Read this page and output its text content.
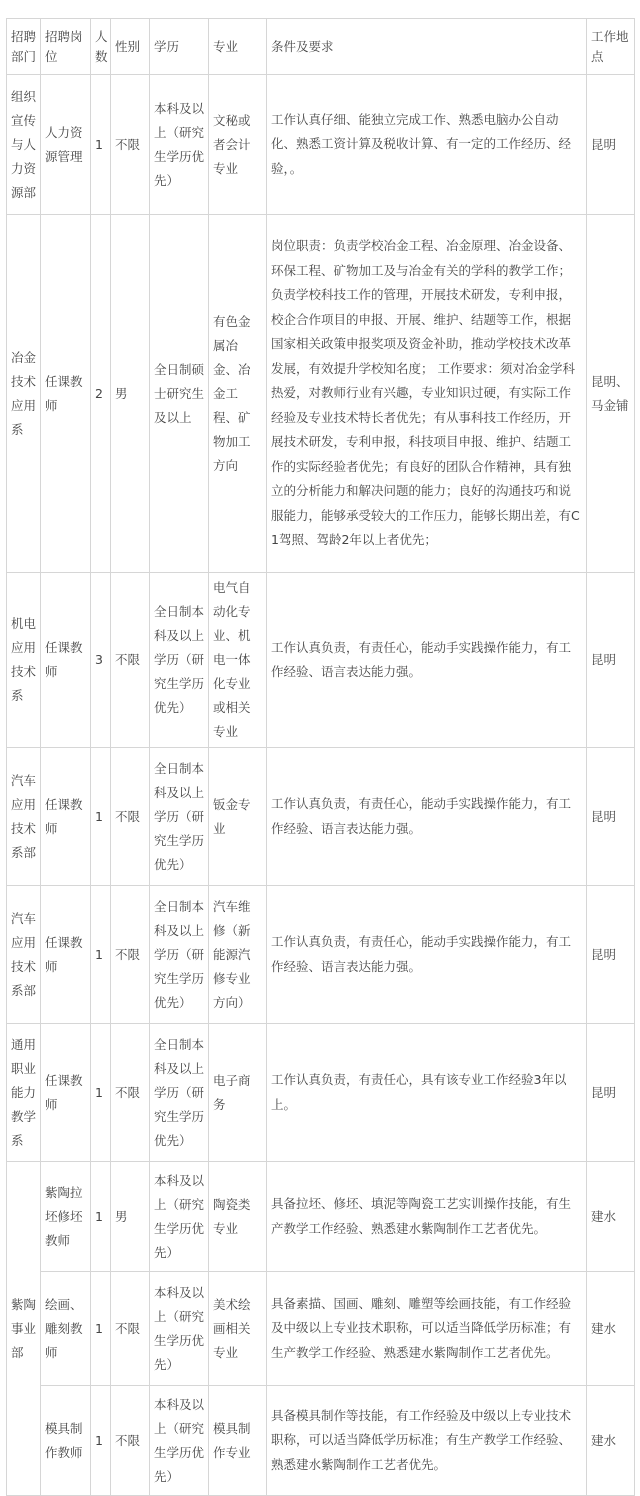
招聘部门	招聘岗位	人数	性别	学历	专业	条件及要求	工作地点
组织宣传与人力资源部	人力资源管理	1	不限	本科及以上（研究生学历优先）	文秘或者会计专业	工作认真仔细、能独立完成工作、熟悉电脑办公自动化、熟悉工资计算及税收计算、有一定的工作经历、经验，。	昆明
冶金技术应用系	任课教师	2	男	全日制硕士研究生及以上	有色金属冶金、冶金工程、矿物加工方向	岗位职责：负责学校冶金工程、冶金原理、冶金设备、环保工程、矿物加工及与冶金有关的学科的教学工作；负责学校科技工作的管理，开展技术研发，专利申报，校企合作项目的申报、开展、维护、结题等工作，根据国家相关政策申报奖项及资金补助，推动学校技术改革发展，有效提升学校知名度； 工作要求：须对冶金学科热爱，对教师行业有兴趣，专业知识过硬，有实际工作经验及专业技术特长者优先；有从事科技工作经历，开展技术研发，专利申报，科技项目申报、维护、结题工作的实际经验者优先；有良好的团队合作精神，具有独立的分析能力和解决问题的能力；良好的沟通技巧和说服能力，能够承受较大的工作压力，能够长期出差，有C1驾照、驾龄2年以上者优先；	昆明、马金铺
机电应用技术系	任课教师	3	不限	全日制本科及以上学历（研究生学历优先）	电气自动化专业、机电一体化专业或相关专业	工作认真负责，有责任心，能动手实践操作能力，有工作经验、语言表达能力强。	昆明
汽车应用技术系部	任课教师	1	不限	全日制本科及以上学历（研究生学历优先）	钣金专业	工作认真负责，有责任心，能动手实践操作能力，有工作经验、语言表达能力强。	昆明
汽车应用技术系部	任课教师	1	不限	全日制本科及以上学历（研究生学历优先）	汽车维修（新能源汽修专业方向）	工作认真负责，有责任心，能动手实践操作能力，有工作经验、语言表达能力强。	昆明
通用职业能力教学系	任课教师	1	不限	全日制本科及以上学历（研究生学历优先）	电子商务	工作认真负责，有责任心，具有该专业工作经验3年以上。	昆明
紫陶事业部	紫陶拉坯修坯教师	1	男	本科及以上（研究生学历优先）	陶瓷类专业	具备拉坯、修坯、填泥等陶瓷工艺实训操作技能，有生产教学工作经验、熟悉建水紫陶制作工艺者优先。	建水
	绘画、雕刻教师	1	不限	本科及以上（研究生学历优先）	美术绘画相关专业	具备素描、国画、雕刻、雕塑等绘画技能，有工作经验及中级以上专业技术职称，可以适当降低学历标准；有生产教学工作经验、熟悉建水紫陶制作工艺者优先。	建水
	模具制作教师	1	不限	本科及以上（研究生学历优先）	模具制作专业	具备模具制作等技能，有工作经验及中级以上专业技术职称，可以适当降低学历标准；有生产教学工作经验、熟悉建水紫陶制作工艺者优先。	建水
